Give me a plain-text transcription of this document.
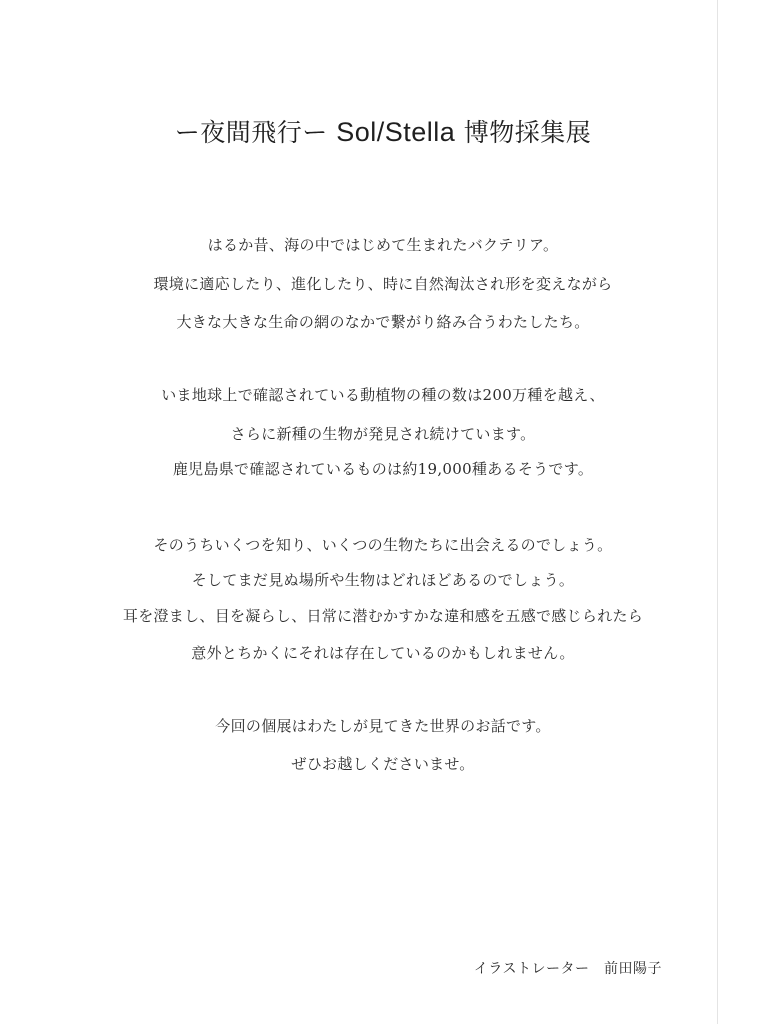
ー夜間飛行ー Sol/Stella 博物採集展
はるか昔、海の中ではじめて生まれたバクテリア。
環境に適応したり、進化したり、時に自然淘汰され形を変えながら
大きな大きな生命の網のなかで繋がり絡み合うわたしたち。
いま地球上で確認されている動植物の種の数は200万種を越え、
さらに新種の生物が発見され続けています。
鹿児島県で確認されているものは約19,000種あるそうです。
そのうちいくつを知り、いくつの生物たちに出会えるのでしょう。
そしてまだ見ぬ場所や生物はどれほどあるのでしょう。
耳を澄まし、目を凝らし、日常に潜むかすかな違和感を五感で感じられたら
意外とちかくにそれは存在しているのかもしれません。
今回の個展はわたしが見てきた世界のお話です。
ぜひお越しくださいませ。
イラストレーター　 前田陽子
